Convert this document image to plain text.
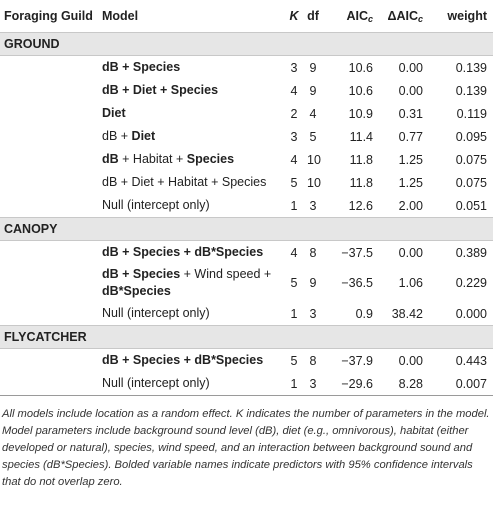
Foraging Guild	Model	K	df	$AIC_c$	$\Delta AIC_c$	weight
GROUND						
	dB + Species	3	9	10.6	0.00	0.139
	dB + Diet + Species	4	9	10.6	0.00	0.139
	Diet	2	4	10.9	0.31	0.119
	dB + Diet	3	5	11.4	0.77	0.095
	dB + Habitat + Species	4	10	11.8	1.25	0.075
	dB + Diet + Habitat + Species	5	10	11.8	1.25	0.075
	Null (intercept only)	1	3	12.6	2.00	0.051
CANOPY						
	dB + Species + dB*Species	4	8	−37.5	0.00	0.389
	dB + Species + Wind speed +
dB*Species	5	9	−36.5	1.06	0.229
	Null (intercept only)	1	3	0.9	38.42	0.000
FLYCATCHER						
	dB + Species + dB*Species	5	8	−37.9	0.00	0.443
	Null (intercept only)	1	3	−29.6	8.28	0.007
All models include location as a random effect. K indicates the number of parameters in the model. Model parameters include background sound level (dB), diet (e.g., omnivorous), habitat (either developed or natural), species, wind speed, and an interaction between background sound and species (dB*Species). Bolded variable names indicate predictors with 95% confidence intervals that do not overlap zero.
